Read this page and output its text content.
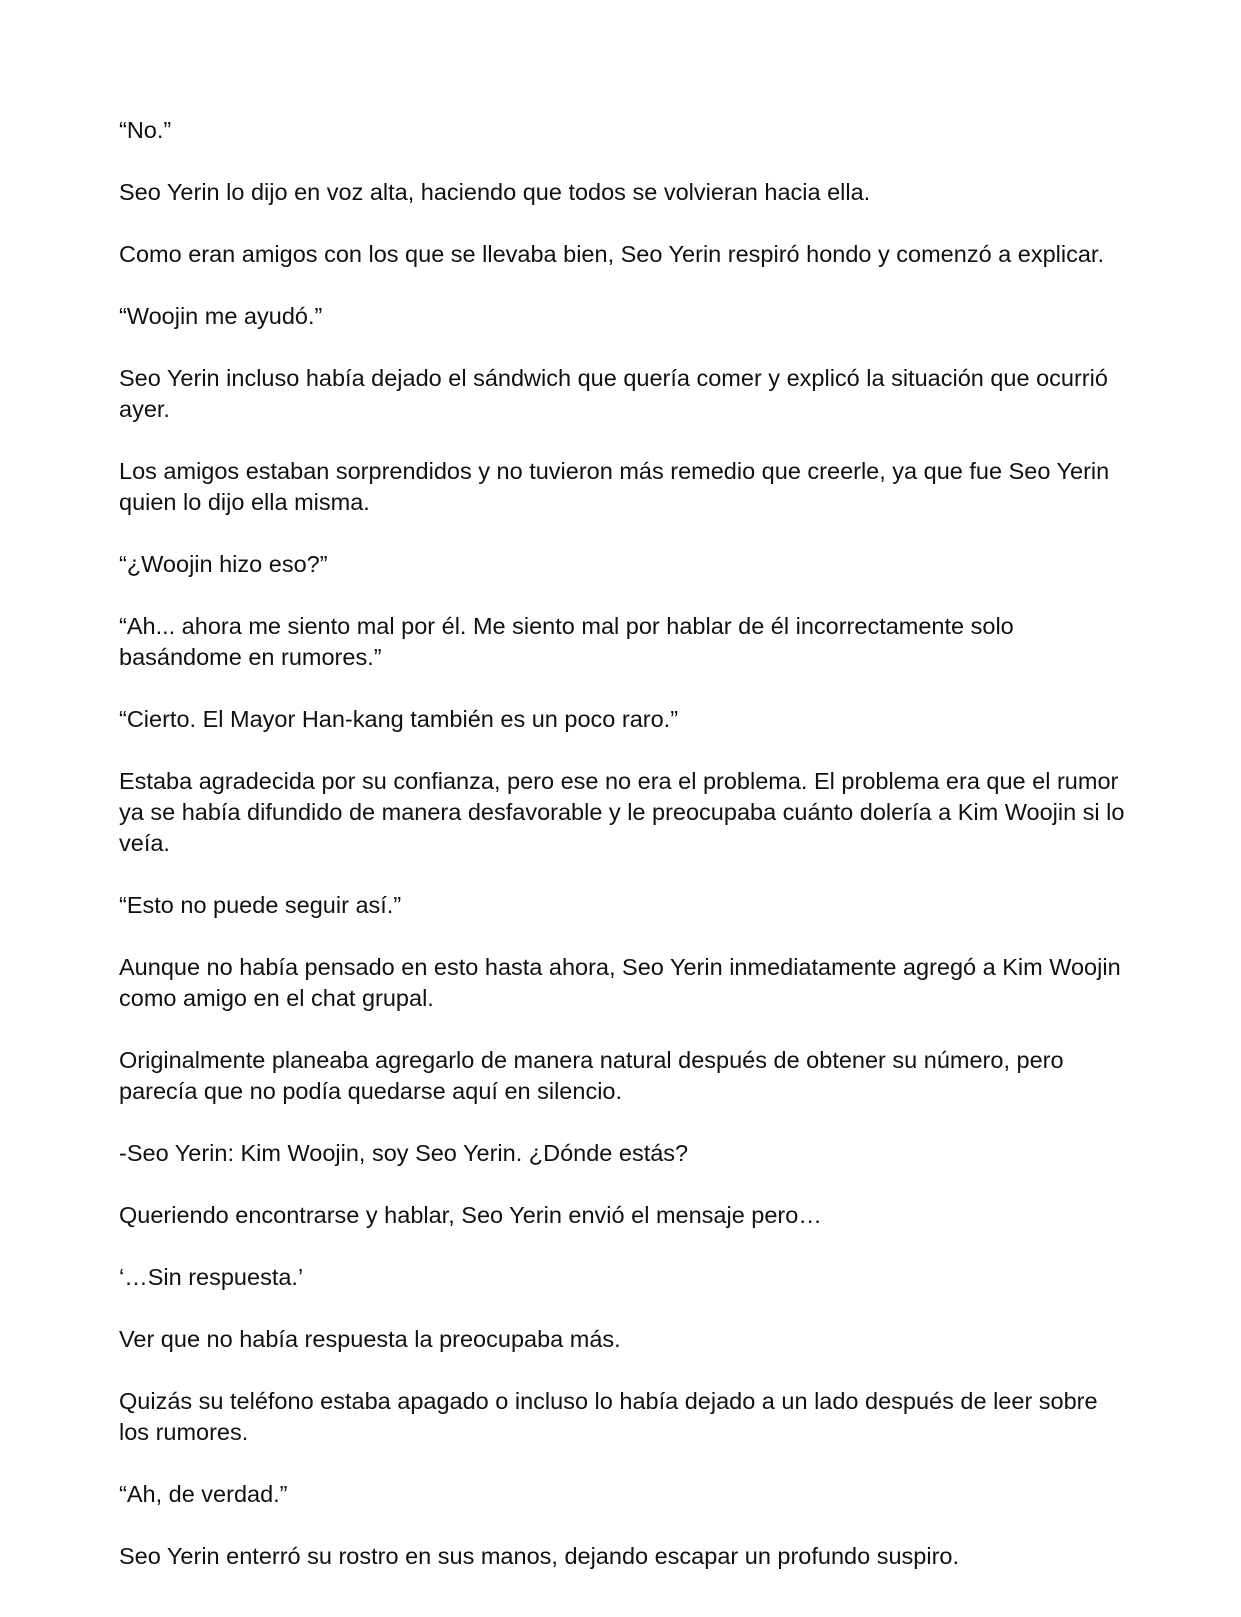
“No.”

Seo Yerin lo dijo en voz alta, haciendo que todos se volvieran hacia ella.

Como eran amigos con los que se llevaba bien, Seo Yerin respiró hondo y comenzó a explicar.

“Woojin me ayudó.”

Seo Yerin incluso había dejado el sándwich que quería comer y explicó la situación que ocurrió ayer.

Los amigos estaban sorprendidos y no tuvieron más remedio que creerle, ya que fue Seo Yerin quien lo dijo ella misma.

“¿Woojin hizo eso?”

“Ah... ahora me siento mal por él. Me siento mal por hablar de él incorrectamente solo basándome en rumores.”

“Cierto. El Mayor Han-kang también es un poco raro.”

Estaba agradecida por su confianza, pero ese no era el problema. El problema era que el rumor ya se había difundido de manera desfavorable y le preocupaba cuánto dolería a Kim Woojin si lo veía.

“Esto no puede seguir así.”

Aunque no había pensado en esto hasta ahora, Seo Yerin inmediatamente agregó a Kim Woojin como amigo en el chat grupal.

Originalmente planeaba agregarlo de manera natural después de obtener su número, pero parecía que no podía quedarse aquí en silencio.

-Seo Yerin: Kim Woojin, soy Seo Yerin. ¿Dónde estás?

Queriendo encontrarse y hablar, Seo Yerin envió el mensaje pero…

‘…Sin respuesta.’

Ver que no había respuesta la preocupaba más.

Quizás su teléfono estaba apagado o incluso lo había dejado a un lado después de leer sobre los rumores.

“Ah, de verdad.”

Seo Yerin enterró su rostro en sus manos, dejando escapar un profundo suspiro.
